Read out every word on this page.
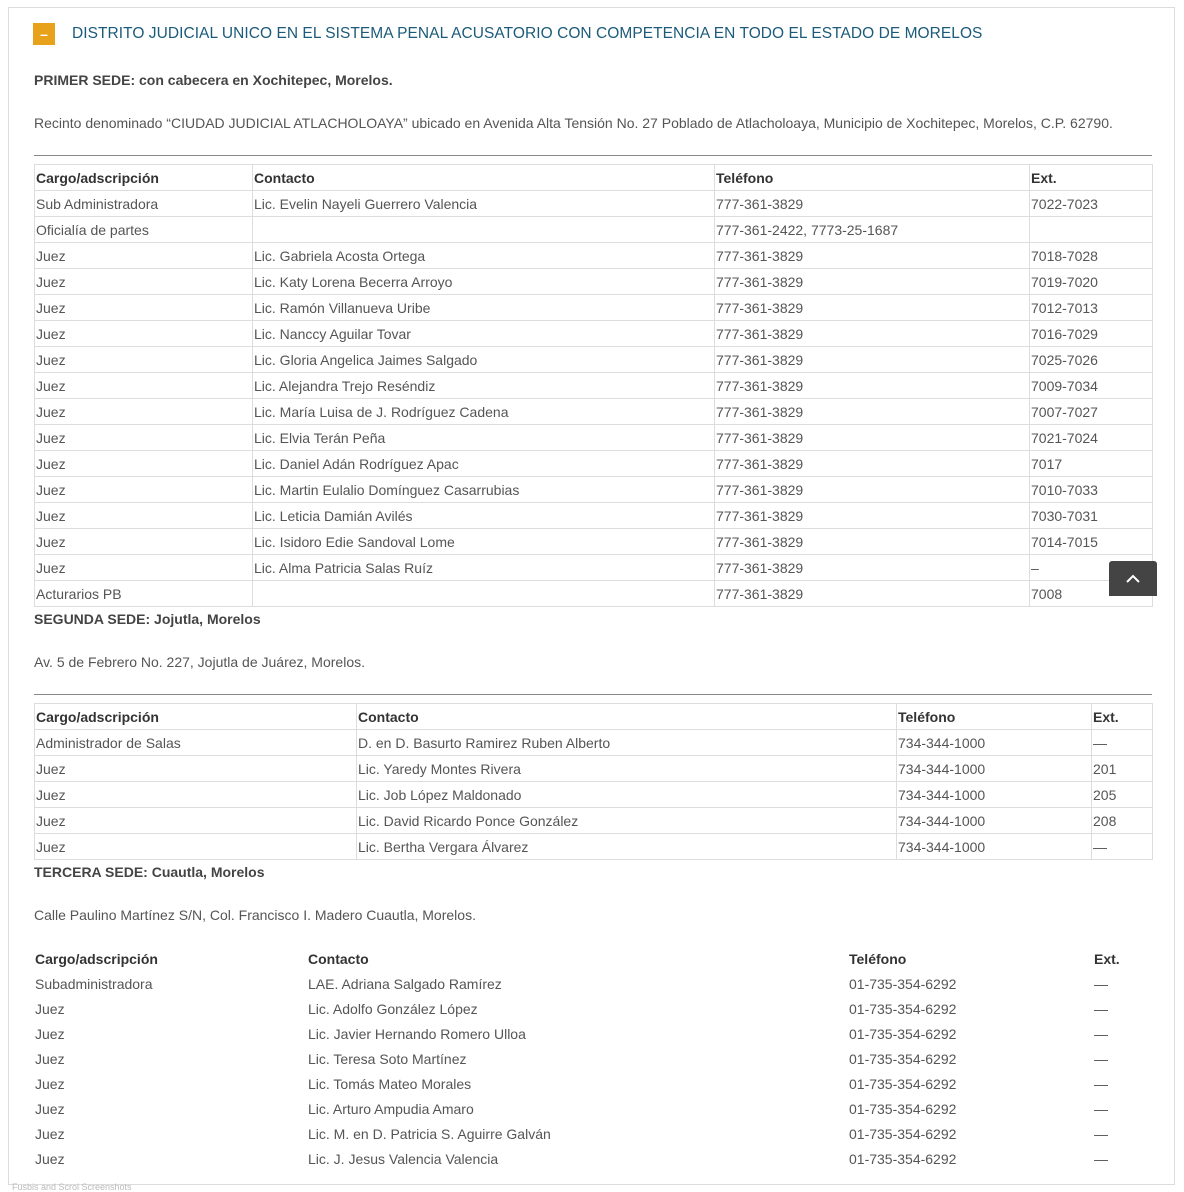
–	DISTRITO JUDICIAL UNICO EN EL SISTEMA PENAL ACUSATORIO CON COMPETENCIA EN TODO EL ESTADO DE MORELOS

PRIMER SEDE: con cabecera en Xochitepec, Morelos.

Recinto denominado “CIUDAD JUDICIAL ATLACHOLOAYA” ubicado en Avenida Alta Tensión No. 27 Poblado de Atlacholoaya, Municipio de Xochitepec, Morelos, C.P. 62790.

Cargo/adscripción	Contacto	Teléfono	Ext.
Sub Administradora	Lic. Evelin Nayeli Guerrero Valencia	777-361-3829	7022-7023
Oficialía de partes		777-361-2422, 7773-25-1687	
Juez	Lic. Gabriela Acosta Ortega	777-361-3829	7018-7028
Juez	Lic. Katy Lorena Becerra Arroyo	777-361-3829	7019-7020
Juez	Lic. Ramón Villanueva Uribe	777-361-3829	7012-7013
Juez	Lic. Nanccy Aguilar Tovar	777-361-3829	7016-7029
Juez	Lic. Gloria Angelica Jaimes Salgado	777-361-3829	7025-7026
Juez	Lic. Alejandra Trejo Reséndiz	777-361-3829	7009-7034
Juez	Lic. María Luisa de J. Rodríguez Cadena	777-361-3829	7007-7027
Juez	Lic. Elvia Terán Peña	777-361-3829	7021-7024
Juez	Lic. Daniel Adán Rodríguez Apac	777-361-3829	7017
Juez	Lic. Martin Eulalio Domínguez Casarrubias	777-361-3829	7010-7033
Juez	Lic. Leticia Damián Avilés	777-361-3829	7030-7031
Juez	Lic. Isidoro Edie Sandoval Lome	777-361-3829	7014-7015
Juez	Lic. Alma Patricia Salas Ruíz	777-361-3829	–
Acturarios PB		777-361-3829	7008

SEGUNDA SEDE: Jojutla, Morelos

Av. 5 de Febrero No. 227, Jojutla de Juárez, Morelos.

Cargo/adscripción	Contacto	Teléfono	Ext.
Administrador de Salas	D. en D. Basurto Ramirez Ruben Alberto	734-344-1000	—
Juez	Lic. Yaredy Montes Rivera	734-344-1000	201
Juez	Lic. Job López Maldonado	734-344-1000	205
Juez	Lic. David Ricardo Ponce González	734-344-1000	208
Juez	Lic. Bertha Vergara Álvarez	734-344-1000	—

TERCERA SEDE: Cuautla, Morelos

Calle Paulino Martínez S/N, Col. Francisco I. Madero Cuautla, Morelos.

Cargo/adscripción	Contacto	Teléfono	Ext.
Subadministradora	LAE. Adriana Salgado Ramírez	01-735-354-6292	—
Juez	Lic. Adolfo González López	01-735-354-6292	—
Juez	Lic. Javier Hernando Romero Ulloa	01-735-354-6292	—
Juez	Lic. Teresa Soto Martínez	01-735-354-6292	—
Juez	Lic. Tomás Mateo Morales	01-735-354-6292	—
Juez	Lic. Arturo Ampudia Amaro	01-735-354-6292	—
Juez	Lic. M. en D. Patricia S. Aguirre Galván	01-735-354-6292	—
Juez	Lic. J. Jesus Valencia Valencia	01-735-354-6292	—
Fusbis and Scrol Screenshots
